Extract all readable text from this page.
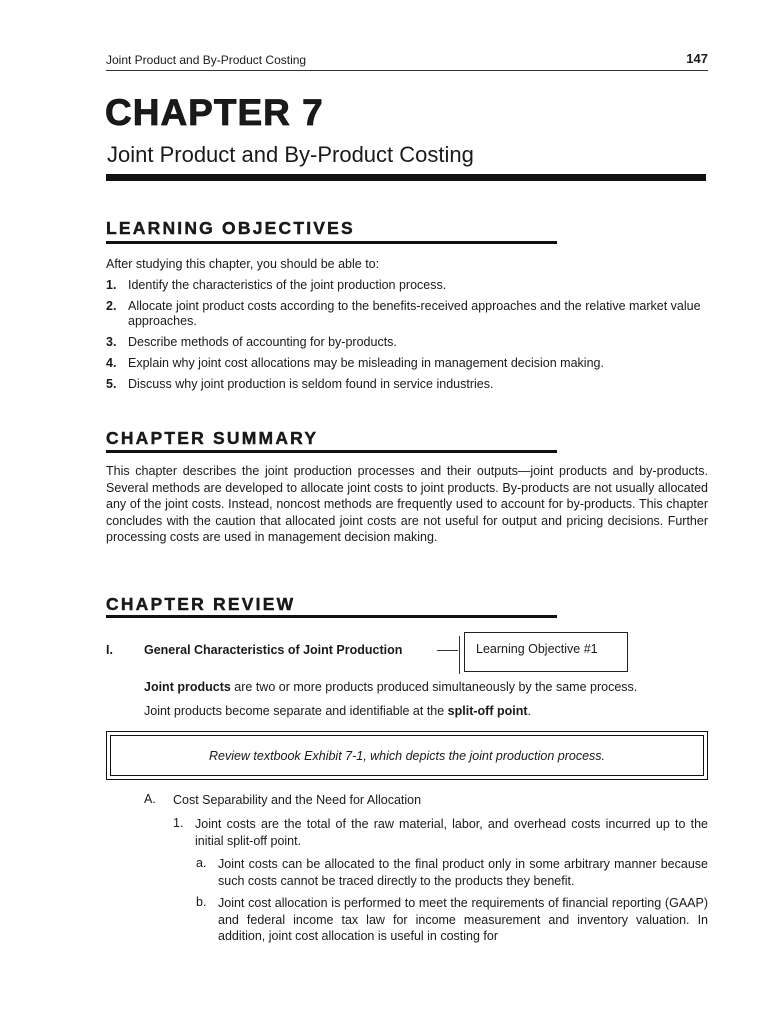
Joint Product and By-Product Costing	147
CHAPTER 7
Joint Product and By-Product Costing
LEARNING OBJECTIVES
After studying this chapter, you should be able to:
1. Identify the characteristics of the joint production process.
2. Allocate joint product costs according to the benefits-received approaches and the relative market value approaches.
3. Describe methods of accounting for by-products.
4. Explain why joint cost allocations may be misleading in management decision making.
5. Discuss why joint production is seldom found in service industries.
CHAPTER SUMMARY

This chapter describes the joint production processes and their outputs—joint products and by-products. Several methods are developed to allocate joint costs to joint products. By-products are not usually allocated any of the joint costs. Instead, noncost methods are frequently used to account for by-products. This chapter concludes with the caution that allocated joint costs are not useful for output and pricing decisions. Further processing costs are used in management decision making.

CHAPTER REVIEW
I. General Characteristics of Joint Production	Learning Objective #1
Joint products are two or more products produced simultaneously by the same process.
Joint products become separate and identifiable at the split-off point.
Review textbook Exhibit 7-1, which depicts the joint production process.
A. Cost Separability and the Need for Allocation
1. Joint costs are the total of the raw material, labor, and overhead costs incurred up to the initial split-off point.
a. Joint costs can be allocated to the final product only in some arbitrary manner because such costs cannot be traced directly to the products they benefit.
b. Joint cost allocation is performed to meet the requirements of financial reporting (GAAP) and federal income tax law for income measurement and inventory valuation. In addition, joint cost allocation is useful in costing for
